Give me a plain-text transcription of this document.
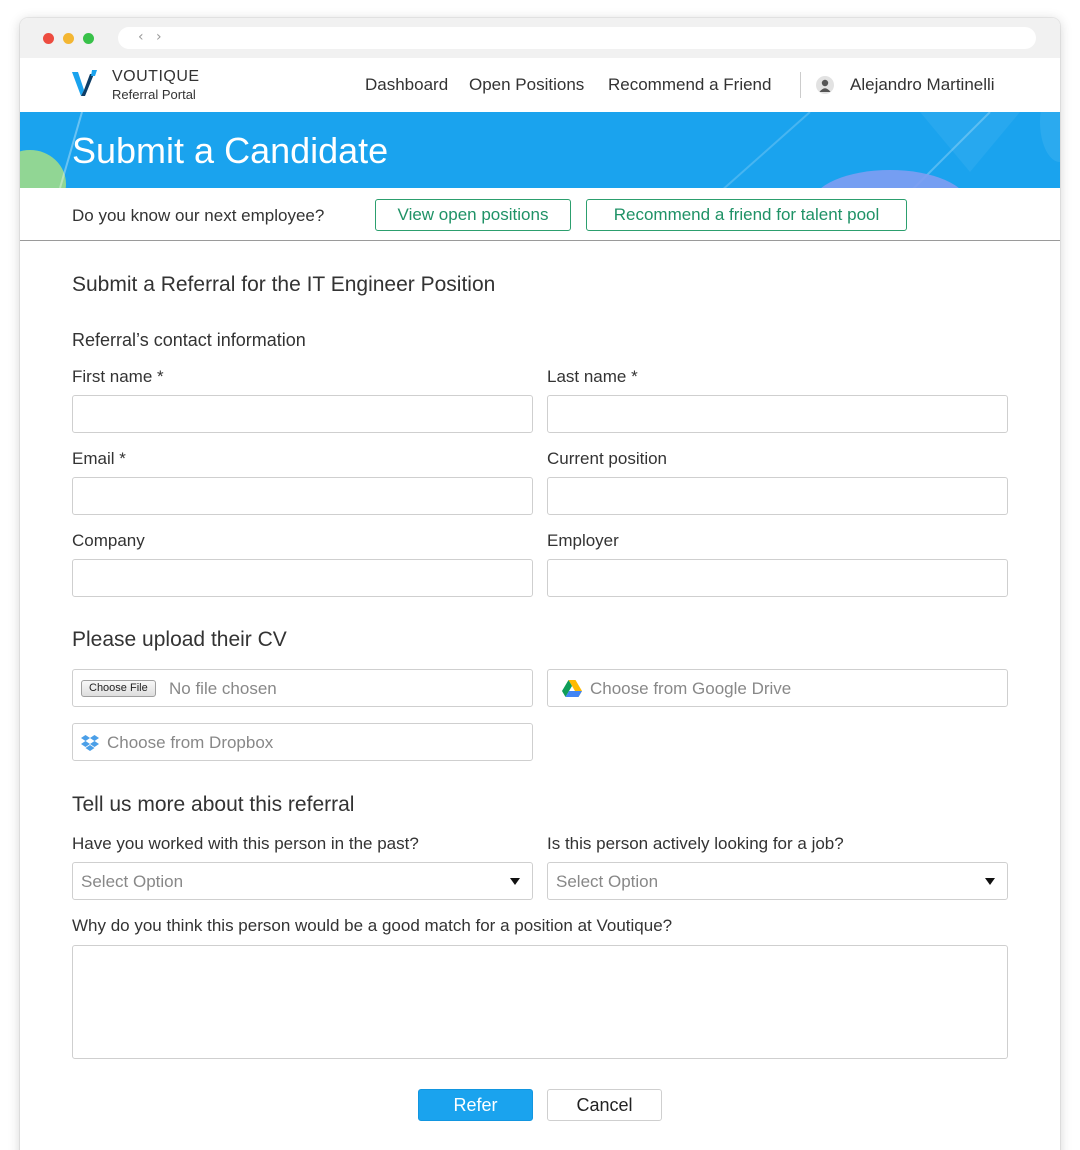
‹ ›
VOUTIQUE
Referral Portal
Dashboard Open Positions Recommend a Friend	Alejandro Martinelli
Submit a Candidate
Do you know our next employee?	View open positions	Recommend a friend for talent pool
Submit a Referral for the IT Engineer Position
Referral’s contact information
First name *	Last name *
Email *	Current position
Company	Employer
Please upload their CV
Choose File	No file chosen	Choose from Google Drive
Choose from Dropbox
Tell us more about this referral
Have you worked with this person in the past?
Select Option
Is this person actively looking for a job?
Select Option
Why do you think this person would be a good match for a position at Voutique?
Refer	Cancel
